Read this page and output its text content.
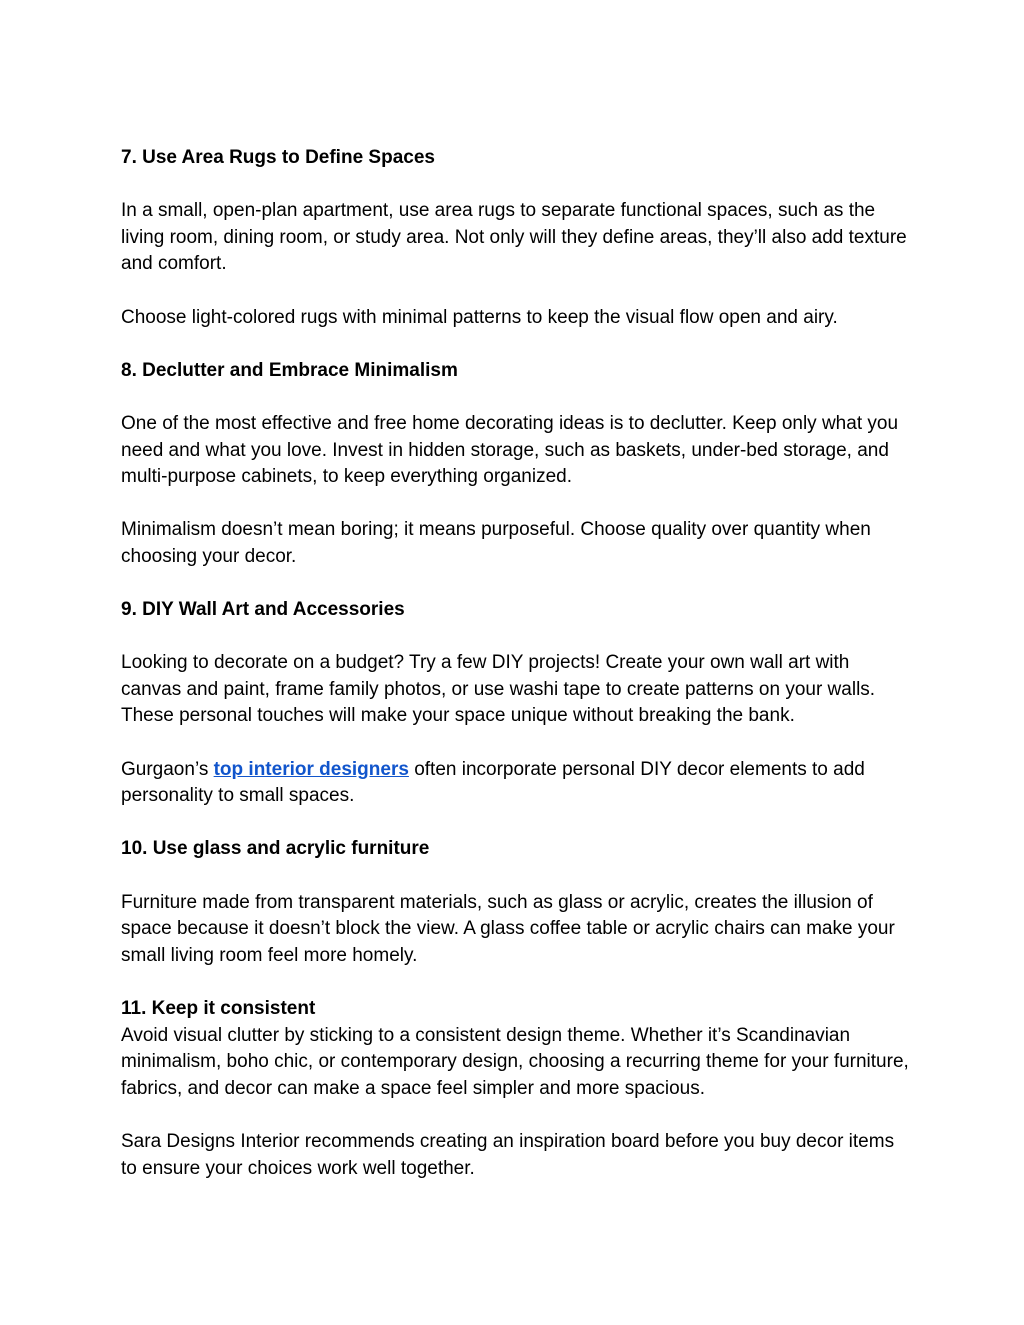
7. Use Area Rugs to Define Spaces

In a small, open-plan apartment, use area rugs to separate functional spaces, such as the living room, dining room, or study area. Not only will they define areas, they’ll also add texture and comfort.

Choose light-colored rugs with minimal patterns to keep the visual flow open and airy.

8. Declutter and Embrace Minimalism

One of the most effective and free home decorating ideas is to declutter. Keep only what you need and what you love. Invest in hidden storage, such as baskets, under-bed storage, and multi-purpose cabinets, to keep everything organized.

Minimalism doesn’t mean boring; it means purposeful. Choose quality over quantity when choosing your decor.

9. DIY Wall Art and Accessories

Looking to decorate on a budget? Try a few DIY projects! Create your own wall art with canvas and paint, frame family photos, or use washi tape to create patterns on your walls. These personal touches will make your space unique without breaking the bank.

Gurgaon’s top interior designers often incorporate personal DIY decor elements to add personality to small spaces.

10. Use glass and acrylic furniture

Furniture made from transparent materials, such as glass or acrylic, creates the illusion of space because it doesn’t block the view. A glass coffee table or acrylic chairs can make your small living room feel more homely.

11. Keep it consistent

Avoid visual clutter by sticking to a consistent design theme. Whether it’s Scandinavian minimalism, boho chic, or contemporary design, choosing a recurring theme for your furniture, fabrics, and decor can make a space feel simpler and more spacious.

Sara Designs Interior recommends creating an inspiration board before you buy decor items to ensure your choices work well together.
